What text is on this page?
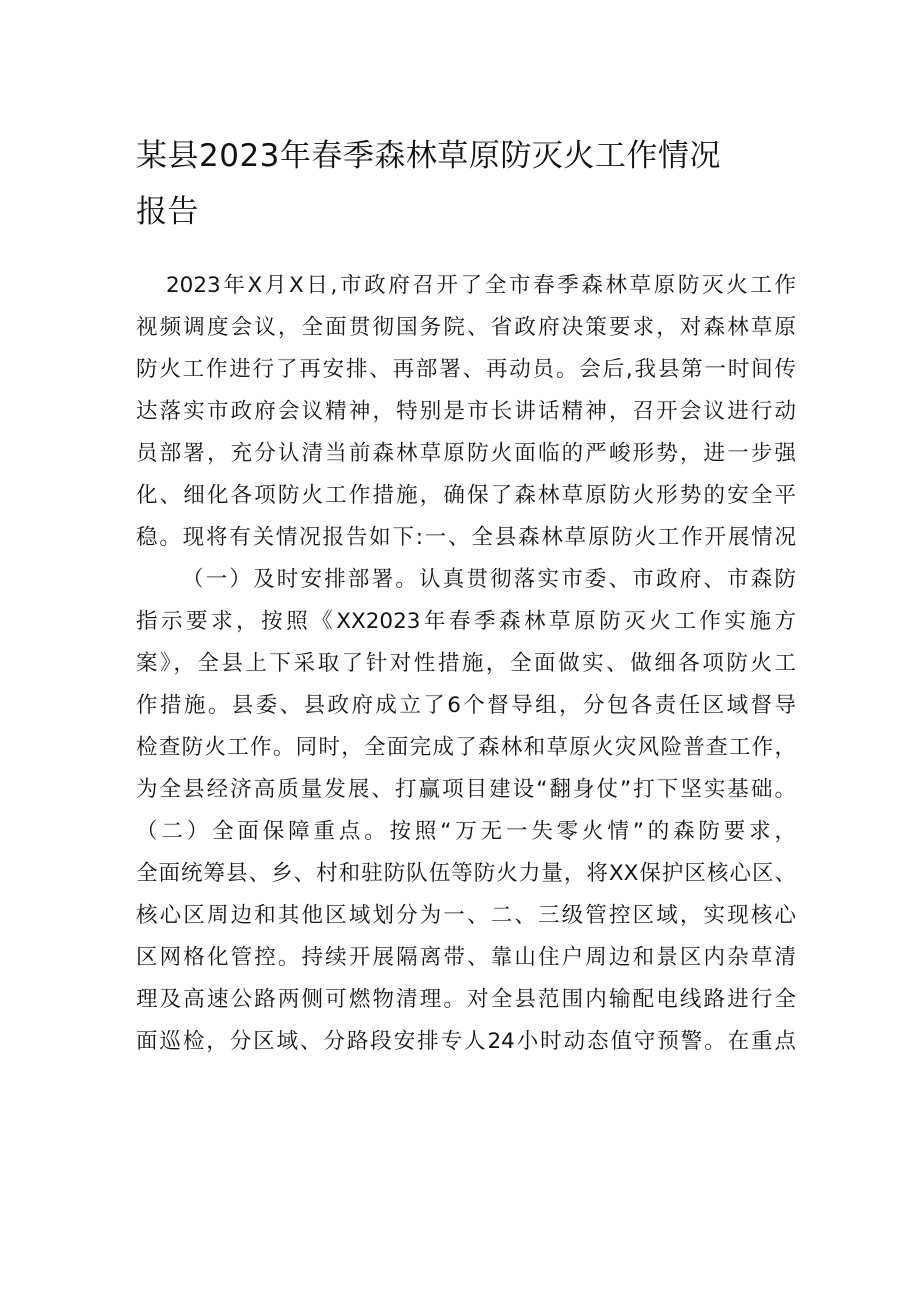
某县2023年春季森林草原防灭火工作情况
报告
2023年X月X日,市政府召开了全市春季森林草原防灭火工作
视频调度会议，全面贯彻国务院、省政府决策要求，对森林草原
防火工作进行了再安排、再部署、再动员。会后,我县第一时间传
达落实市政府会议精神，特别是市长讲话精神，召开会议进行动
员部署，充分认清当前森林草原防火面临的严峻形势，进一步强
化、细化各项防火工作措施，确保了森林草原防火形势的安全平
稳。现将有关情况报告如下:一、全县森林草原防火工作开展情况
（一）及时安排部署。认真贯彻落实市委、市政府、市森防
指示要求，按照《XX2023年春季森林草原防灭火工作实施方
案》，全县上下采取了针对性措施，全面做实、做细各项防火工
作措施。县委、县政府成立了6个督导组，分包各责任区域督导
检查防火工作。同时，全面完成了森林和草原火灾风险普查工作，
为全县经济高质量发展、打赢项目建设“翻身仗”打下坚实基础。
（二）全面保障重点。按照“万无一失零火情”的森防要求，
全面统筹县、乡、村和驻防队伍等防火力量，将XX保护区核心区、
核心区周边和其他区域划分为一、二、三级管控区域，实现核心
区网格化管控。持续开展隔离带、靠山住户周边和景区内杂草清
理及高速公路两侧可燃物清理。对全县范围内输配电线路进行全
面巡检，分区域、分路段安排专人24小时动态值守预警。在重点
